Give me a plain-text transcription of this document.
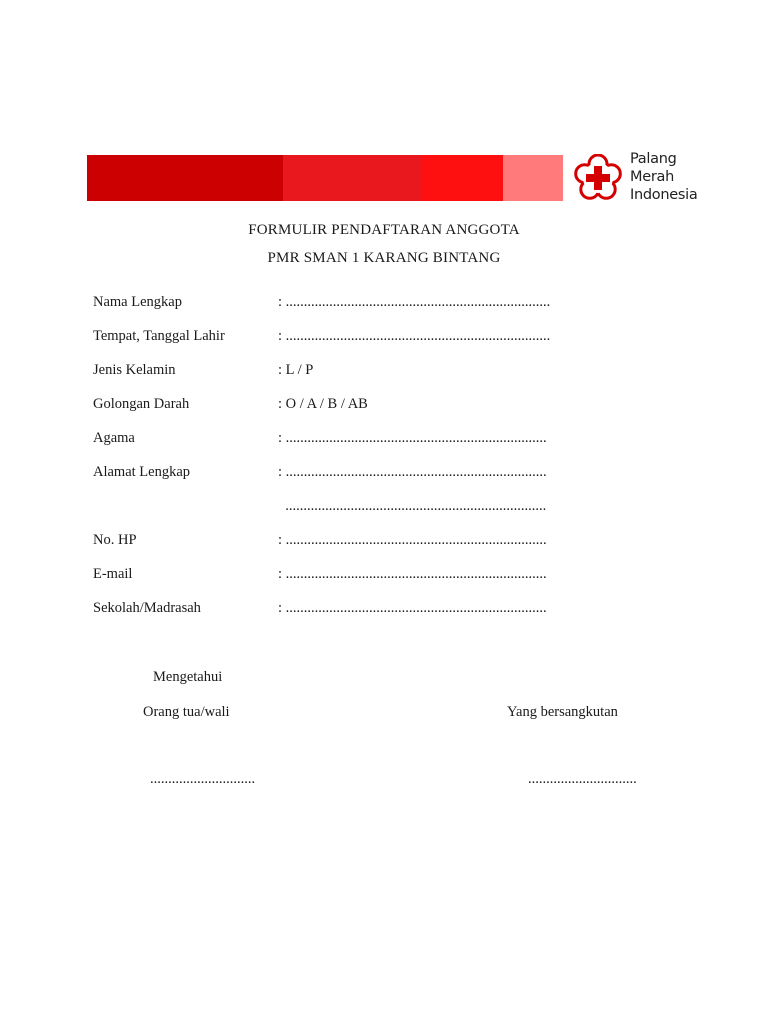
Palang
Merah
Indonesia
FORMULIR PENDAFTARAN ANGGOTA
PMR SMAN 1 KARANG BINTANG
Nama Lengkap	: .........................................................................
Tempat, Tanggal Lahir	: .........................................................................
Jenis Kelamin	: L / P
Golongan Darah	: O / A / B / AB
Agama	: ........................................................................
Alamat Lengkap	: ........................................................................
........................................................................
No. HP	: ........................................................................
E-mail	: ........................................................................
Sekolah/Madrasah	: ........................................................................
Mengetahui
Orang tua/wali	Yang bersangkutan
.............................	..............................
